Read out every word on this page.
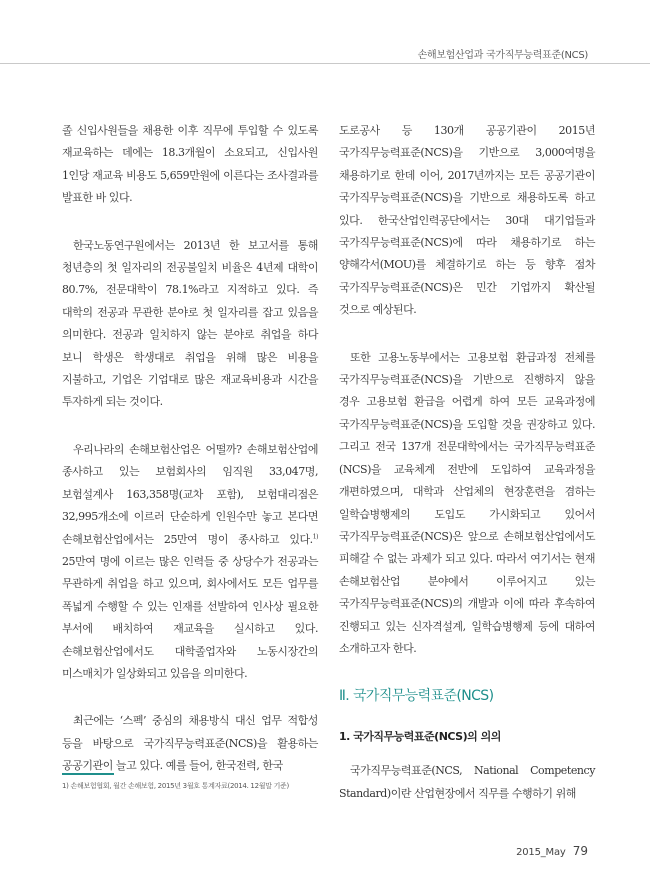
손해보험산업과 국가직무능력표준(NCS)

졸 신입사원들을 채용한 이후 직무에 투입할 수 있도록 재교육하는 데에는 18.3개월이 소요되고, 신입사원 1인당 재교육 비용도 5,659만원에 이른다는 조사결과를 발표한 바 있다.

한국노동연구원에서는 2013년 한 보고서를 통해 청년층의 첫 일자리의 전공불일치 비율은 4년제 대학이 80.7%, 전문대학이 78.1%라고 지적하고 있다. 즉 대학의 전공과 무관한 분야로 첫 일자리를 잡고 있음을 의미한다. 전공과 일치하지 않는 분야로 취업을 하다 보니 학생은 학생대로 취업을 위해 많은 비용을 지불하고, 기업은 기업대로 많은 재교육비용과 시간을 투자하게 되는 것이다.

우리나라의 손해보험산업은 어떨까? 손해보험산업에 종사하고 있는 보험회사의 임직원 33,047명, 보험설계사 163,358명(교차 포함), 보험대리점은 32,995개소에 이르러 단순하게 인원수만 놓고 본다면 손해보험산업에서는 25만여 명이 종사하고 있다.$^{1)}$ 25만여 명에 이르는 많은 인력들 중 상당수가 전공과는 무관하게 취업을 하고 있으며, 회사에서도 모든 업무를 폭넓게 수행할 수 있는 인재를 선발하여 인사상 필요한 부서에 배치하여 재교육을 실시하고 있다. 손해보험산업에서도 대학졸업자와 노동시장간의 미스매치가 일상화되고 있음을 의미한다.

최근에는 ‘스펙’ 중심의 채용방식 대신 업무 적합성 등을 바탕으로 국가직무능력표준(NCS)을 활용하는 공공기관이 늘고 있다. 예를 들어, 한국전력, 한국

도로공사 등 130개 공공기관이 2015년 국가직무능력표준(NCS)을 기반으로 3,000여명을 채용하기로 한데 이어, 2017년까지는 모든 공공기관이 국가직무능력표준(NCS)을 기반으로 채용하도록 하고 있다. 한국산업인력공단에서는 30대 대기업들과 국가직무능력표준(NCS)에 따라 채용하기로 하는 양해각서(MOU)를 체결하기로 하는 등 향후 점차 국가직무능력표준(NCS)은 민간 기업까지 확산될 것으로 예상된다.

또한 고용노동부에서는 고용보험 환급과정 전체를 국가직무능력표준(NCS)을 기반으로 진행하지 않을 경우 고용보험 환급을 어렵게 하여 모든 교육과정에 국가직무능력표준(NCS)을 도입할 것을 권장하고 있다. 그리고 전국 137개 전문대학에서는 국가직무능력표준(NCS)을 교육체계 전반에 도입하여 교육과정을 개편하였으며, 대학과 산업체의 현장훈련을 겸하는 일학습병행제의 도입도 가시화되고 있어서 국가직무능력표준(NCS)은 앞으로 손해보험산업에서도 피해갈 수 없는 과제가 되고 있다. 따라서 여기서는 현재 손해보험산업 분야에서 이루어지고 있는 국가직무능력표준(NCS)의 개발과 이에 따라 후속하여 진행되고 있는 신자격설계, 일학습병행제 등에 대하여 소개하고자 한다.

Ⅱ. 국가직무능력표준(NCS)
1. 국가직무능력표준(NCS)의 의의

국가직무능력표준(NCS, National Competency Standard)이란 산업현장에서 직무를 수행하기 위해

1) 손해보험협회, 월간 손해보험, 2015년 3월호 통계자료(2014. 12월말 기준)
2015_May 79
